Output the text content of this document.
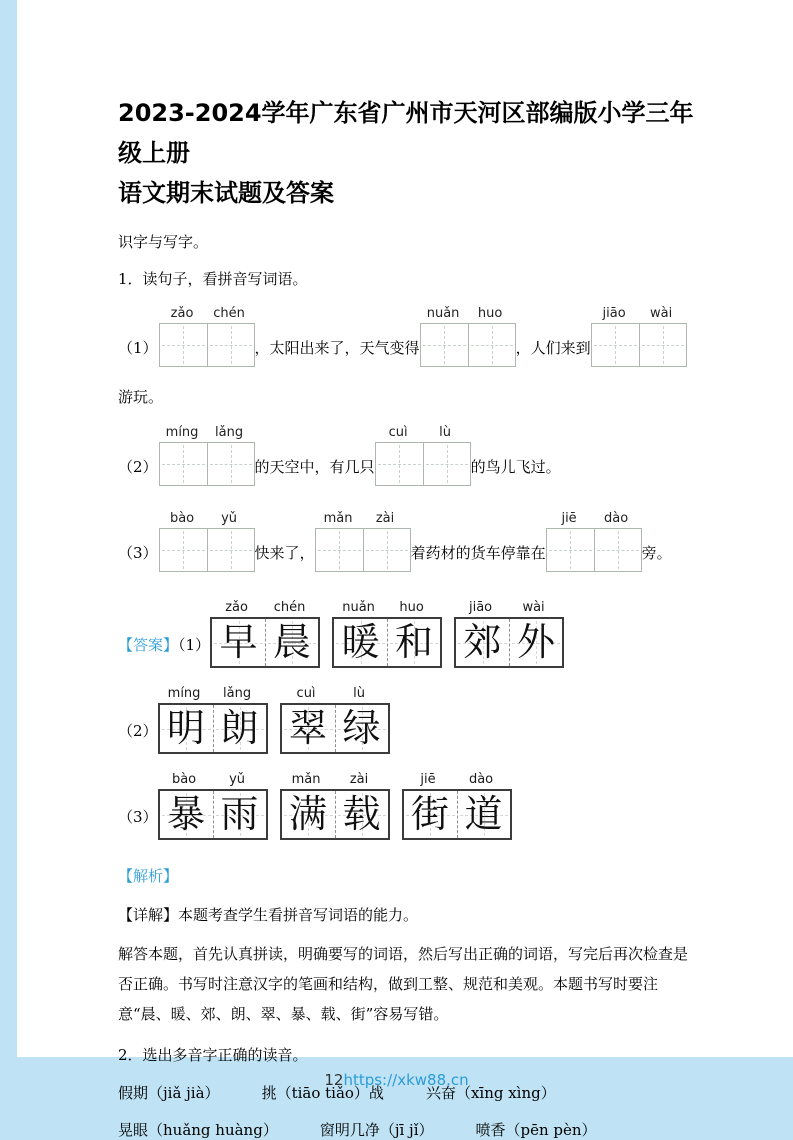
2023-2024学年广东省广州市天河区部编版小学三年级上册
语文期末试题及答案
识字与写字。
1．读句子，看拼音写词语。
（1）
zǎo	chén
，太阳出来了，天气变得
nuǎn	huo
，人们来到
jiāo	wài
游玩。
（2）
míng	lǎng
的天空中，有几只
cuì	lù
的鸟儿飞过。
（3）
bào	yǔ
快来了，
mǎn	zài
着药材的货车停靠在
jiē	dào
旁。
【答案】（1）
zǎo	chén
早 晨
nuǎn	huo
暖 和
jiāo	wài
郊 外
（2）
míng	lǎng
明 朗
cuì	lù
翠 绿
（3）
bào	yǔ
暴 雨
mǎn	zài
满 载
jiē	dào
街 道
【解析】
【详解】本题考查学生看拼音写词语的能力。
解答本题，首先认真拼读，明确要写的词语，然后写出正确的词语，写完后再次检查是否正确。书写时注意汉字的笔画和结构，做到工整、规范和美观。本题书写时要注意“晨、暖、郊、朗、翠、暴、载、街”容易写错。
2．选出多音字正确的读音。
假期（jiǎ jià）	挑（tiāo tiǎo）战	兴奋（xīng xìng）
晃眼（huǎng huàng）	窗明几净（jī jǐ）	喷香（pēn pèn）
12https://xkw88.cn
